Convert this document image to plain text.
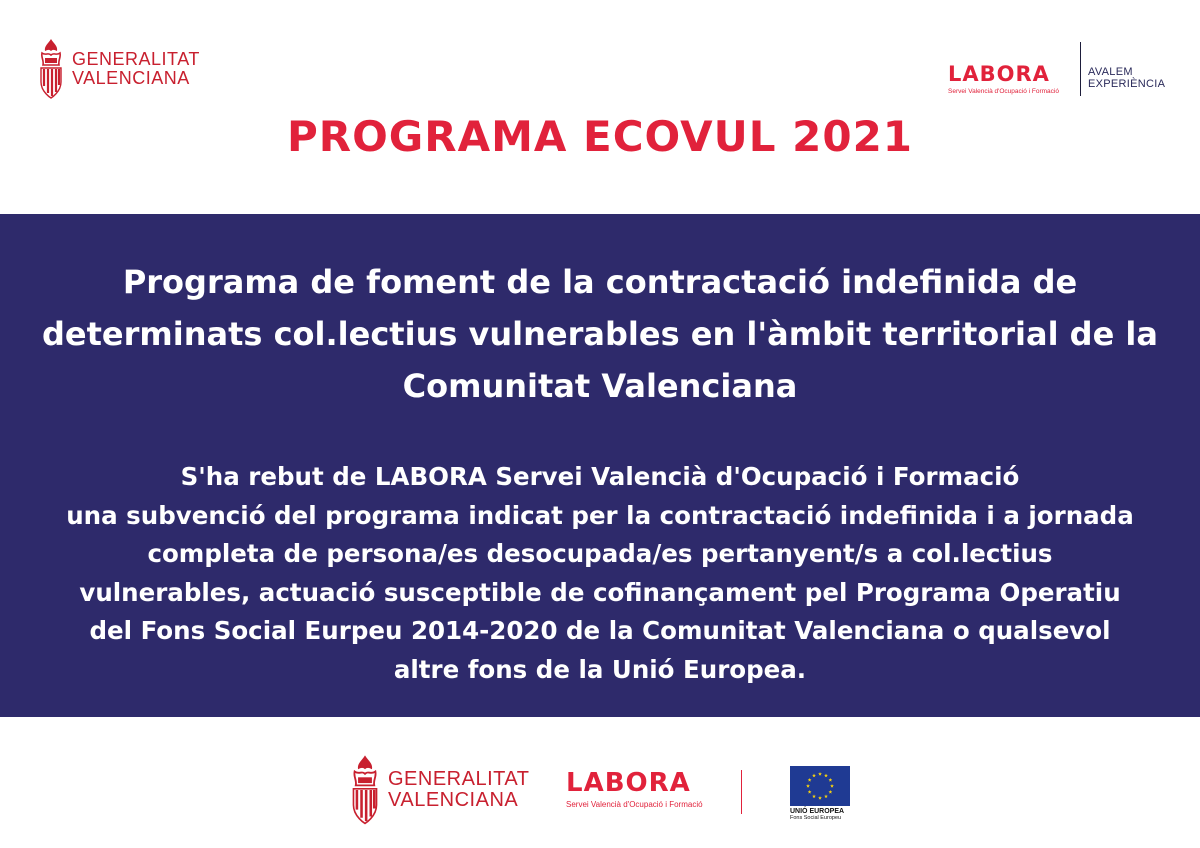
GENERALITAT
VALENCIANA	LABORA
Servei Valencià d'Ocupació i Formació
AVALEM
EXPERIÈNCIA
PROGRAMA ECOVUL 2021

Programa de foment de la contractació indefinida de determinats col.lectius vulnerables en l'àmbit territorial de la Comunitat Valenciana

S'ha rebut de LABORA Servei Valencià d'Ocupació i Formació
una subvenció del programa indicat per la contractació indefinida i a jornada
completa de persona/es desocupada/es pertanyent/s a col.lectius
vulnerables, actuació susceptible de cofinançament pel Programa Operatiu
del Fons Social Eurpeu 2014-2020 de la Comunitat Valenciana o qualsevol
altre fons de la Unió Europea.

GENERALITAT
VALENCIANA
LABORA
Servei Valencià d'Ocupació i Formació
UNIÓ EUROPEA
Fons Social Europeu
